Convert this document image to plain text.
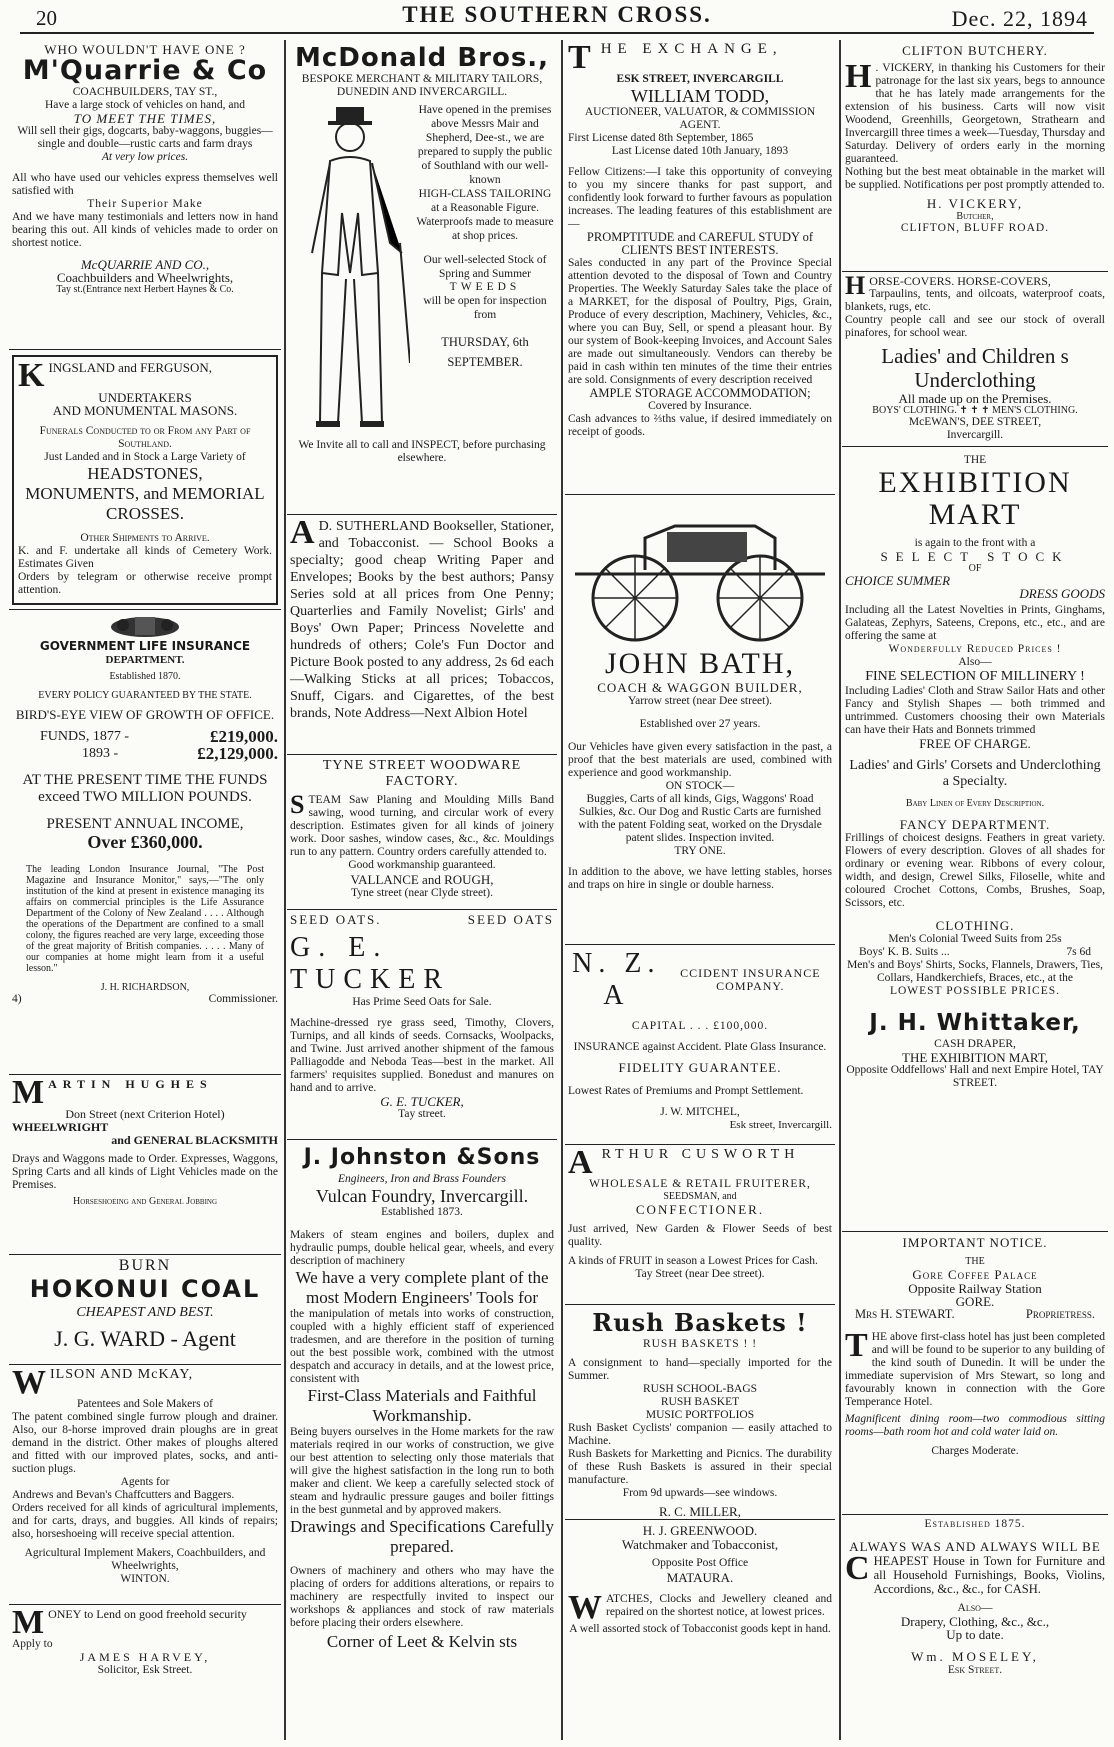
20	THE SOUTHERN CROSS.	Dec. 22, 1894

WHO WOULDN'T HAVE ONE ?

M'Quarrie & Co

COACHBUILDERS, TAY ST.,

Have a large stock of vehicles on hand, and

TO MEET THE TIMES,

Will sell their gigs, dogcarts, baby-waggons, buggies—single and double—rustic carts and farm drays

At very low prices.

All who have used our vehicles express themselves well satisfied with

Their Superior Make

And we have many testimonials and letters now in hand bearing this out. All kinds of vehicles made to order on shortest notice.

McQUARRIE AND CO.,

Coachbuilders and Wheelwrights,

Tay st.(Entrance next Herbert Haynes & Co.

KINGSLAND and FERGUSON,

UNDERTAKERS

AND MONUMENTAL MASONS.

Funerals Conducted to or From any Part of Southland.

Just Landed and in Stock a Large Variety of

HEADSTONES,

MONUMENTS, and MEMORIAL CROSSES.

Other Shipments to Arrive.

K. and F. undertake all kinds of Cemetery Work. Estimates Given

Orders by telegram or otherwise receive prompt attention.

GOVERNMENT LIFE INSURANCE

DEPARTMENT.

Established 1870.

EVERY POLICY GUARANTEED BY THE STATE.

BIRD'S-EYE VIEW OF GROWTH OF OFFICE.

FUNDS, 1877 -	£219,000.
1893 -	£2,129,000.

AT THE PRESENT TIME THE FUNDS exceed TWO MILLION POUNDS.

PRESENT ANNUAL INCOME,

Over £360,000.

The leading London Insurance Journal, "The Post Magazine and Insurance Monitor," says,—"The only institution of the kind at present in existence managing its affairs on commercial principles is the Life Assurance Department of the Colony of New Zealand . . . . Although the operations of the Department are confined to a small colony, the figures reached are very large, exceeding those of the great majority of British companies. . . . . Many of our companies at home might learn from it a useful lesson."

J. H. RICHARDSON,

4)	Commissioner.

MARTIN HUGHES

Don Street (next Criterion Hotel)

WHEELWRIGHT

and GENERAL BLACKSMITH

Drays and Waggons made to Order. Expresses, Waggons, Spring Carts and all kinds of Light Vehicles made on the Premises.

Horseshoeing and General Jobbing

BURN

HOKONUI COAL

CHEAPEST AND BEST.

J. G. WARD - Agent

WILSON AND McKAY,

Patentees and Sole Makers of

The patent combined single furrow plough and drainer. Also, our 8-horse improved drain ploughs are in great demand in the district. Other makes of ploughs altered and fitted with our improved plates, socks, and anti-suction plugs.

Agents for

Andrews and Bevan's Chaffcutters and Baggers.

Orders received for all kinds of agricultural implements, and for carts, drays, and buggies. All kinds of repairs; also, horseshoeing will receive special attention.

Agricultural Implement Makers, Coachbuilders, and Wheelwrights,

WINTON.

MONEY to Lend on good freehold security

Apply to

JAMES HARVEY,

Solicitor, Esk Street.

McDonald Bros.,

BESPOKE MERCHANT & MILITARY TAILORS,

DUNEDIN AND INVERCARGILL.

Have opened in the premises above Messrs Mair and Shepherd, Dee-st., we are prepared to supply the public of Southland with our well-known

HIGH-CLASS TAILORING

at a Reasonable Figure.

Waterproofs made to measure at shop prices.

Our well-selected Stock of Spring and Summer

TWEEDS

will be open for inspection from

THURSDAY, 6th SEPTEMBER.

We Invite all to call and INSPECT, before purchasing elsewhere.

A D. SUTHERLAND Bookseller, Stationer, and Tobacconist. — School Books a specialty; good cheap Writing Paper and Envelopes; Books by the best authors; Pansy Series sold at all prices from One Penny; Quarterlies and Family Novelist; Girls' and Boys' Own Paper; Princess Novelette and hundreds of others; Cole's Fun Doctor and Picture Book posted to any address, 2s 6d each —Walking Sticks at all prices; Tobaccos, Snuff, Cigars. and Cigarettes, of the best brands, Note Address—Next Albion Hotel

TYNE STREET WOODWARE FACTORY.

STEAM Saw Planing and Moulding Mills Band sawing, wood turning, and circular work of every description. Estimates given for all kinds of joinery work. Door sashes, window cases, &c., &c. Mouldings run to any pattern. Country orders carefully attended to.

Good workmanship guaranteed.

VALLANCE and ROUGH,

Tyne street (near Clyde street).

SEED OATS.	SEED OATS

G. E. TUCKER

Has Prime Seed Oats for Sale.

Machine-dressed rye grass seed, Timothy, Clovers, Turnips, and all kinds of seeds. Cornsacks, Woolpacks, and Twine. Just arrived another shipment of the famous Palliagodde and Neboda Teas—best in the market. All farmers' requisites supplied. Bonedust and manures on hand and to arrive.

G. E. TUCKER,

Tay street.

J. Johnston &Sons

Engineers, Iron and Brass Founders

Vulcan Foundry, Invercargill.

Established 1873.

Makers of steam engines and boilers, duplex and hydraulic pumps, double helical gear, wheels, and every description of machinery

We have a very complete plant of the most Modern Engineers' Tools for

the manipulation of metals into works of construction, coupled with a highly efficient staff of experienced tradesmen, and are therefore in the position of turning out the best possible work, combined with the utmost despatch and accuracy in details, and at the lowest price, consistent with

First-Class Materials and Faithful Workmanship.

Being buyers ourselves in the Home markets for the raw materials reqired in our works of construction, we give our best attention to selecting only those materials that will give the highest satisfaction in the long run to both maker and client. We keep a carefully selected stock of steam and hydraulic pressure gauges and boiler fittings in the best gunmetal and by approved makers.

Drawings and Specifications Carefully prepared.

Owners of machinery and others who may have the placing of orders for additions alterations, or repairs to machinery are respectfully invited to inspect our workshops & appliances and stock of raw materials before placing their orders elsewhere.

Corner of Leet & Kelvin sts

THE EXCHANGE,

ESK STREET, INVERCARGILL

WILLIAM TODD,

AUCTIONEER, VALUATOR, & COMMISSION AGENT.

First License dated 8th September, 1865

Last License dated 10th January, 1893

Fellow Citizens:—I take this opportunity of conveying to you my sincere thanks for past support, and confidently look forward to further favours as population increases. The leading features of this establishment are—

PROMPTITUDE and CAREFUL STUDY of CLIENTS BEST INTERESTS.

Sales conducted in any part of the Province Special attention devoted to the disposal of Town and Country Properties. The Weekly Saturday Sales take the place of a MARKET, for the disposal of Poultry, Pigs, Grain, Produce of every description, Machinery, Vehicles, &c., where you can Buy, Sell, or spend a pleasant hour. By our system of Book-keeping Invoices, and Account Sales are made out simultaneously. Vendors can thereby be paid in cash within ten minutes of the time their entries are sold. Consignments of every description received

AMPLE STORAGE ACCOMMODATION;

Covered by Insurance.

Cash advances to ⅔ths value, if desired immediately on receipt of goods.

JOHN BATH,

COACH & WAGGON BUILDER,

Yarrow street (near Dee street).

Established over 27 years.

Our Vehicles have given every satisfaction in the past, a proof that the best materials are used, combined with experience and good workmanship.

ON STOCK—

Buggies, Carts of all kinds, Gigs, Waggons' Road Sulkies, &c. Our Dog and Rustic Carts are furnished with the patent Folding seat, worked on the Drysdale patent slides. Inspection invited.

TRY ONE.

In addition to the above, we have letting stables, horses and traps on hire in single or double harness.

N. Z. A
CCIDENT INSURANCE COMPANY.

CAPITAL . . . £100,000.

INSURANCE against Accident. Plate Glass Insurance.

FIDELITY GUARANTEE.

Lowest Rates of Premiums and Prompt Settlement.

J. W. MITCHEL,

Esk street, Invercargill.

ARTHUR CUSWORTH

WHOLESALE & RETAIL FRUITERER,

SEEDSMAN, and

CONFECTIONER.

Just arrived, New Garden & Flower Seeds of best quality.

A kinds of FRUIT in season a Lowest Prices for Cash.

Tay Street (near Dee street).

Rush Baskets !

RUSH BASKETS ! !

A consignment to hand—specially imported for the Summer.

RUSH SCHOOL-BAGS

RUSH BASKET

MUSIC PORTFOLIOS

Rush Basket Cyclists' companion — easily attached to Machine.

Rush Baskets for Marketting and Picnics. The durability of these Rush Baskets is assured in their special manufacture.

From 9d upwards—see windows.

R. C. MILLER,

H. J. GREENWOOD.

Watchmaker and Tobacconist,

Opposite Post Office

MATAURA.

WATCHES, Clocks and Jewellery cleaned and repaired on the shortest notice, at lowest prices.

A well assorted stock of Tobacconist goods kept in hand.

CLIFTON BUTCHERY.

H . VICKERY, in thanking his Customers for their patronage for the last six years, begs to announce that he has lately made arrangements for the extension of his business. Carts will now visit Woodend, Greenhills, Georgetown, Strathearn and Invercargill three times a week—Tuesday, Thursday and Saturday. Delivery of orders early in the morning guaranteed.

Nothing but the best meat obtainable in the market will be supplied. Notifications per post promptly attended to.

H. VICKERY,

Butcher,

CLIFTON, BLUFF ROAD.

HORSE-COVERS. HORSE-COVERS,

Tarpaulins, tents, and oilcoats, waterproof coats, blankets, rugs, etc.

Country people call and see our stock of overall pinafores, for school wear.

Ladies' and Children s

Underclothing

All made up on the Premises.

BOYS' CLOTHING. ✝ ✝ ✝ MEN'S CLOTHING.

McEWAN'S, DEE STREET,

Invercargill.

THE

EXHIBITION

MART

is again to the front with a

SELECT STOCK

OF

CHOICE SUMMER

DRESS GOODS

Including all the Latest Novelties in Prints, Ginghams, Galateas, Zephyrs, Sateens, Crepons, etc., etc., and are offering the same at

Wonderfully Reduced Prices !

Also—

FINE SELECTION OF MILLINERY !

Including Ladies' Cloth and Straw Sailor Hats and other Fancy and Stylish Shapes — both trimmed and untrimmed. Customers choosing their own Materials can have their Hats and Bonnets trimmed

FREE OF CHARGE.

Ladies' and Girls' Corsets and Underclothing a Specialty.

Baby Linen of Every Description.

FANCY DEPARTMENT.

Frillings of choicest designs. Feathers in great variety. Flowers of every description. Gloves of all shades for ordinary or evening wear. Ribbons of every colour, width, and design, Crewel Silks, Filoselle, white and coloured Crochet Cottons, Combs, Brushes, Soap, Scissors, etc.

CLOTHING.

Men's Colonial Tweed Suits from 25s

Boys' K. B. Suits ...	7s 6d

Men's and Boys' Shirts, Socks, Flannels, Drawers, Ties, Collars, Handkerchiefs, Braces, etc., at the

LOWEST POSSIBLE PRICES.

J. H. Whittaker,

CASH DRAPER,

THE EXHIBITION MART,

Opposite Oddfellows' Hall and next Empire Hotel, TAY STREET.

IMPORTANT NOTICE.

THE

Gore Coffee Palace

Opposite Railway Station

GORE.

Mrs H. STEWART.	Proprietress.

THE above first-class hotel has just been completed and will be found to be superior to any building of the kind south of Dunedin. It will be under the immediate supervision of Mrs Stewart, so long and favourably known in connection with the Gore Temperance Hotel.

Magnificent dining room—two commodious sitting rooms—bath room hot and cold water laid on.

Charges Moderate.

Established 1875.

ALWAYS WAS AND ALWAYS WILL BE

CHEAPEST House in Town for Furniture and all Household Furnishings, Books, Violins, Accordions, &c., &c., for CASH.

Also—

Drapery, Clothing, &c., &c.,

Up to date.

Wm. MOSELEY,

Esk Street.
